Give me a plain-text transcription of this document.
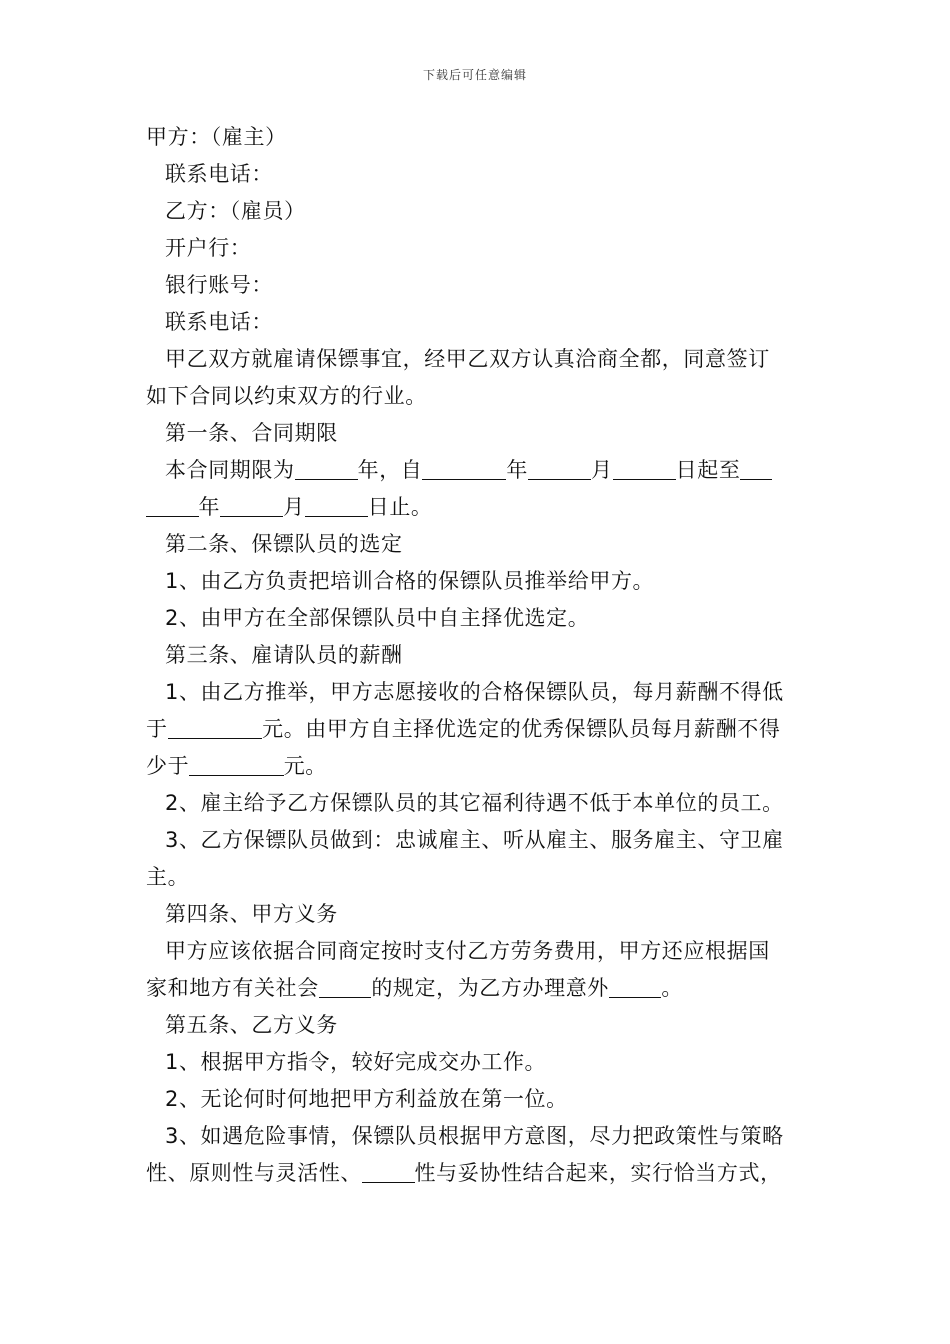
下载后可任意编辑
甲方：（雇主）
联系电话：
乙方：（雇员）
开户行：
银行账号：
联系电话：
甲乙双方就雇请保镖事宜，经甲乙双方认真洽商全都，同意签订
如下合同以约束双方的行业。
第一条、合同期限
本合同期限为	年，自	年	月	日起至
年	月	日止。
第二条、保镖队员的选定
1、由乙方负责把培训合格的保镖队员推举给甲方。
2、由甲方在全部保镖队员中自主择优选定。
第三条、雇请队员的薪酬
1、由乙方推举，甲方志愿接收的合格保镖队员，每月薪酬不得低
于	元。由甲方自主择优选定的优秀保镖队员每月薪酬不得
少于	元。
2、雇主给予乙方保镖队员的其它福利待遇不低于本单位的员工。
3、乙方保镖队员做到：忠诚雇主、听从雇主、服务雇主、守卫雇
主。
第四条、甲方义务
甲方应该依据合同商定按时支付乙方劳务费用，甲方还应根据国
家和地方有关社会	的规定，为乙方办理意外	。
第五条、乙方义务
1、根据甲方指令，较好完成交办工作。
2、无论何时何地把甲方利益放在第一位。
3、如遇危险事情，保镖队员根据甲方意图，尽力把政策性与策略
性、原则性与灵活性、	性与妥协性结合起来，实行恰当方式，
